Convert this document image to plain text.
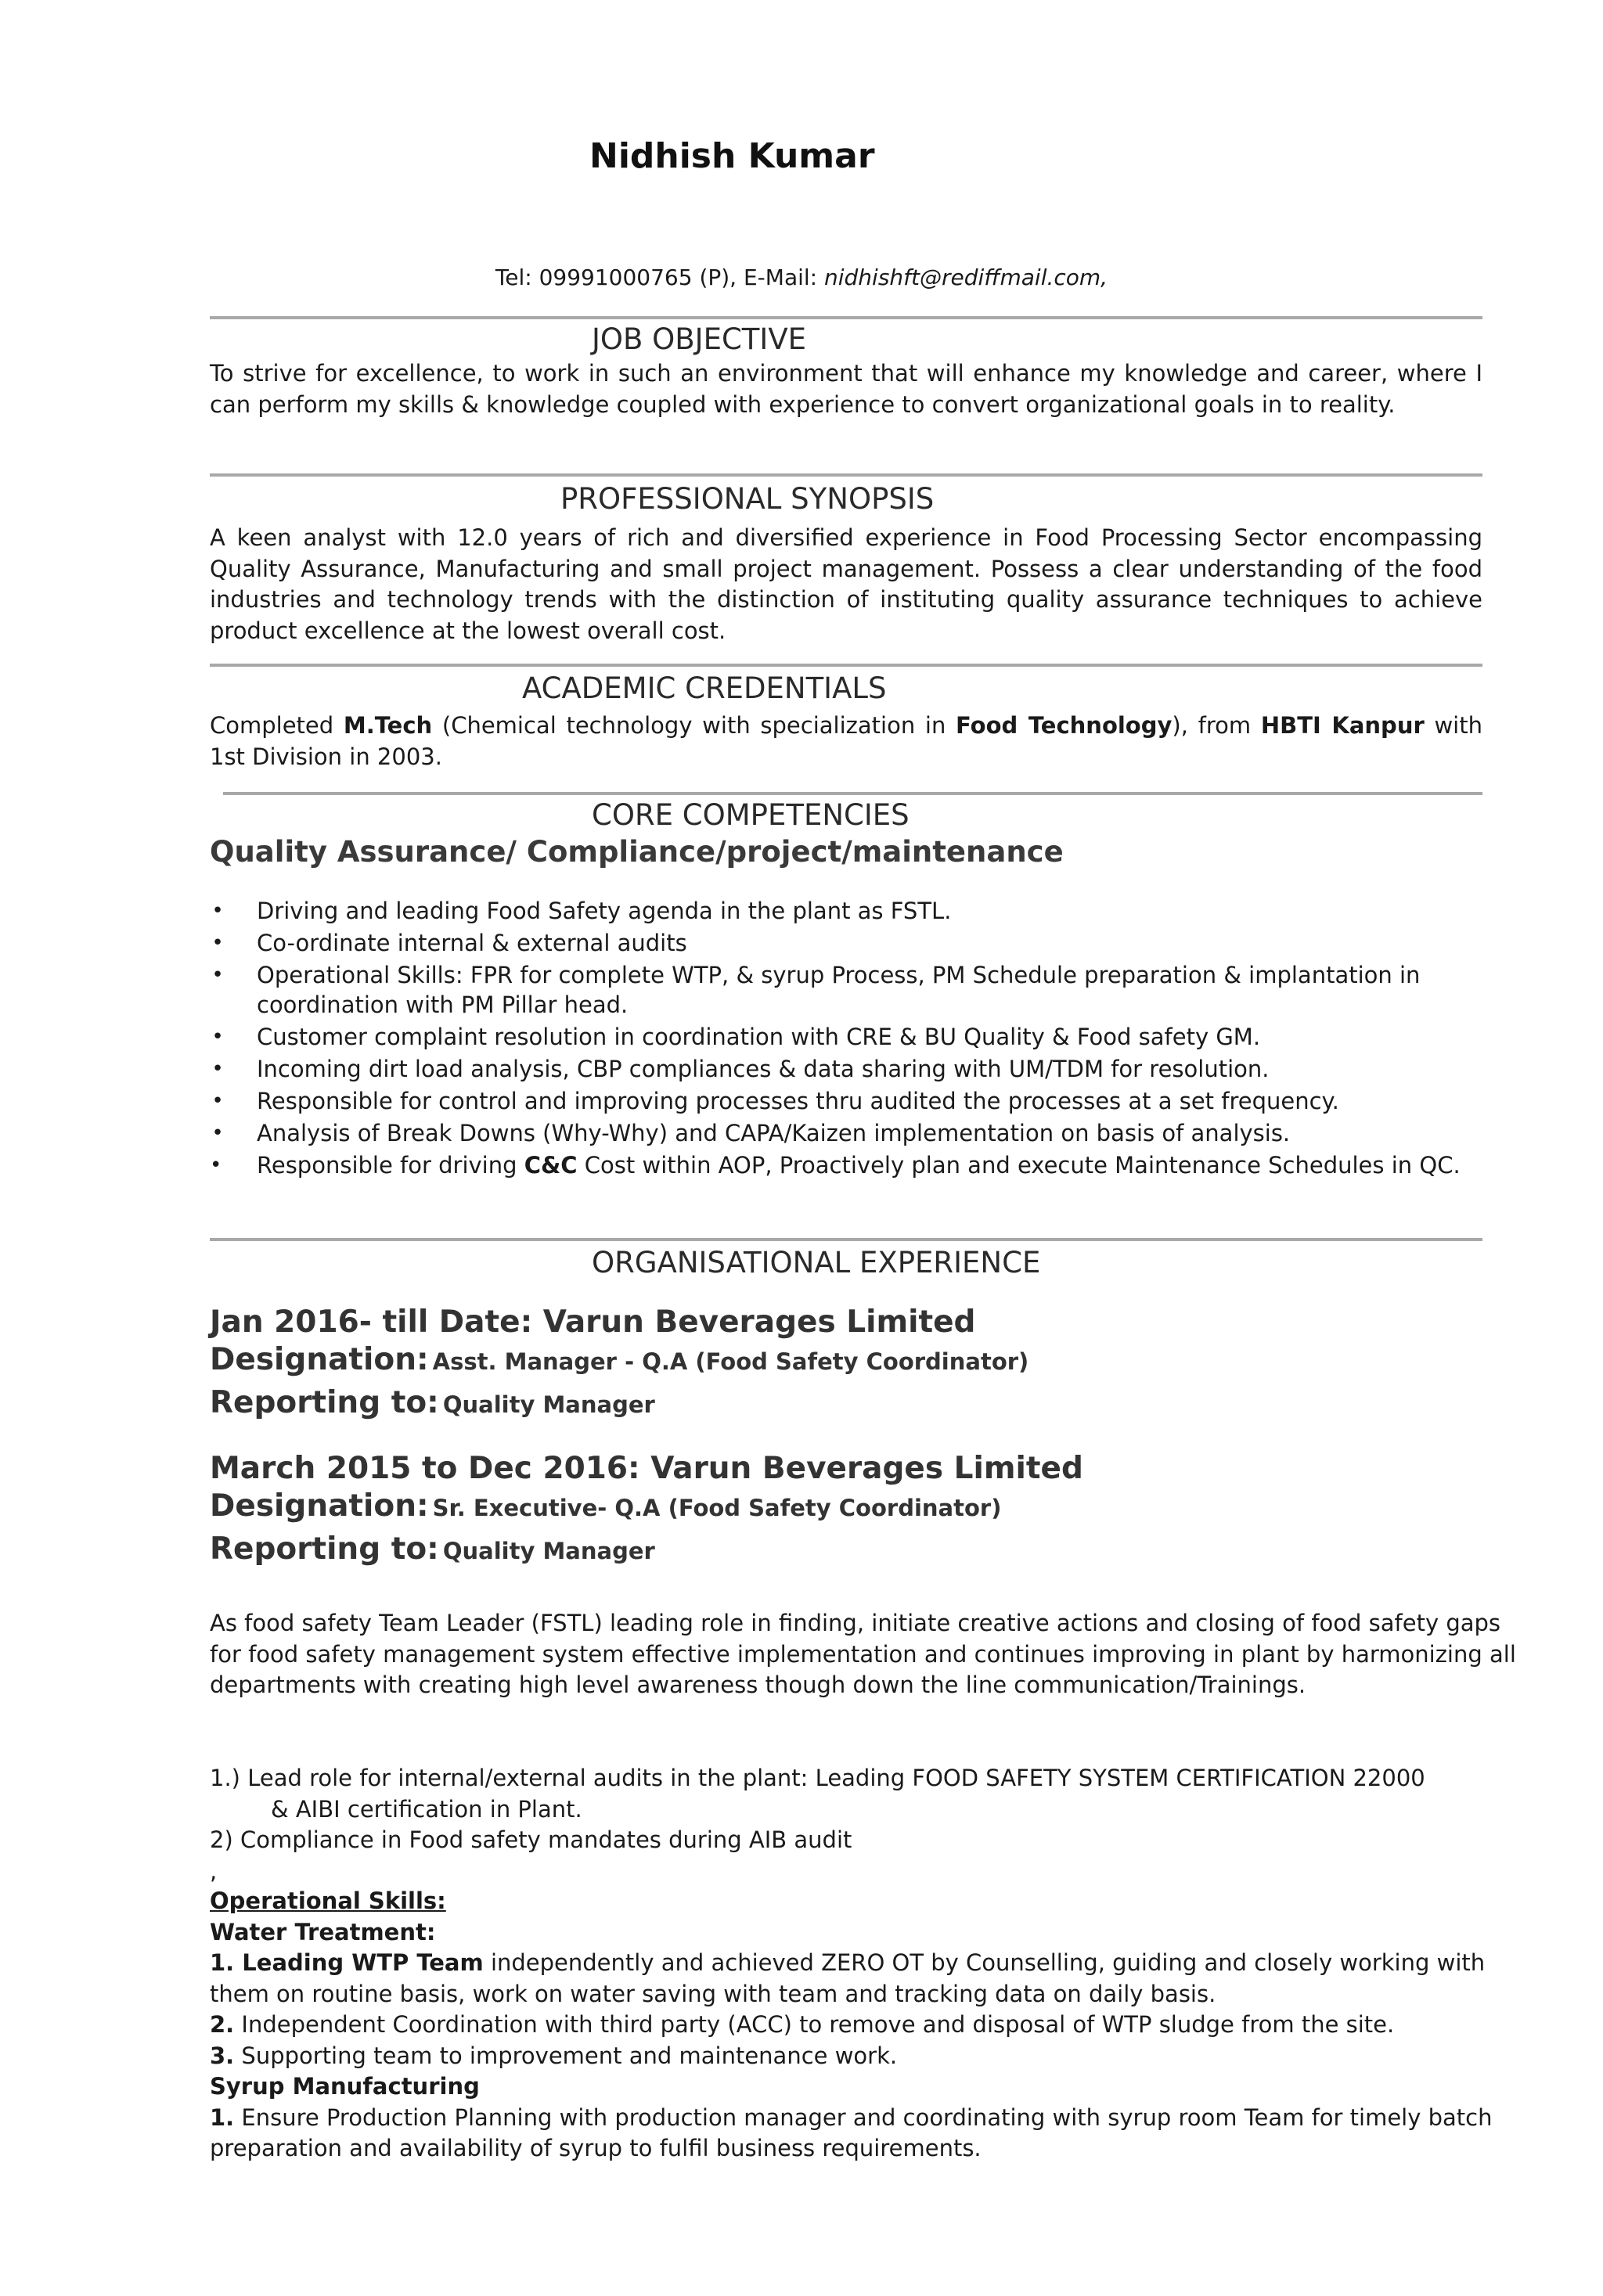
Nidhish Kumar
Tel: 09991000765 (P), E-Mail: nidhishft@rediffmail.com,
JOB OBJECTIVE
To strive for excellence, to work in such an environment that will enhance my knowledge and career, where I can perform my skills & knowledge coupled with experience to convert organizational goals in to reality.
PROFESSIONAL SYNOPSIS
A keen analyst with 12.0 years of rich and diversified experience in Food Processing Sector encompassing Quality Assurance, Manufacturing and small project management. Possess a clear understanding of the food industries and technology trends with the distinction of instituting quality assurance techniques to achieve product excellence at the lowest overall cost.
ACADEMIC CREDENTIALS
Completed M.Tech (Chemical technology with specialization in Food Technology), from HBTI Kanpur with 1st Division in 2003.
CORE COMPETENCIES
Quality Assurance/ Compliance/project/maintenance
• Driving and leading Food Safety agenda in the plant as FSTL.
• Co-ordinate internal & external audits
• Operational Skills: FPR for complete WTP, & syrup Process, PM Schedule preparation & implantation in coordination with PM Pillar head.
• Customer complaint resolution in coordination with CRE & BU Quality & Food safety GM.
• Incoming dirt load analysis, CBP compliances & data sharing with UM/TDM for resolution.
• Responsible for control and improving processes thru audited the processes at a set frequency.
• Analysis of Break Downs (Why-Why) and CAPA/Kaizen implementation on basis of analysis.
• Responsible for driving C&C Cost within AOP, Proactively plan and execute Maintenance Schedules in QC.
ORGANISATIONAL EXPERIENCE
Jan 2016- till Date: Varun Beverages Limited
Designation: Asst. Manager - Q.A (Food Safety Coordinator)
Reporting to: Quality Manager
March 2015 to Dec 2016: Varun Beverages Limited
Designation: Sr. Executive- Q.A (Food Safety Coordinator)
Reporting to: Quality Manager
As food safety Team Leader (FSTL) leading role in finding, initiate creative actions and closing of food safety gaps for food safety management system effective implementation and continues improving in plant by harmonizing all departments with creating high level awareness though down the line communication/Trainings.
1.) Lead role for internal/external audits in the plant: Leading FOOD SAFETY SYSTEM CERTIFICATION 22000
& AIBI certification in Plant.
2) Compliance in Food safety mandates during AIB audit
,
Operational Skills:
Water Treatment:
1. Leading WTP Team independently and achieved ZERO OT by Counselling, guiding and closely working with them on routine basis, work on water saving with team and tracking data on daily basis.
2. Independent Coordination with third party (ACC) to remove and disposal of WTP sludge from the site.
3. Supporting team to improvement and maintenance work.
Syrup Manufacturing
1. Ensure Production Planning with production manager and coordinating with syrup room Team for timely batch preparation and availability of syrup to fulfil business requirements.
